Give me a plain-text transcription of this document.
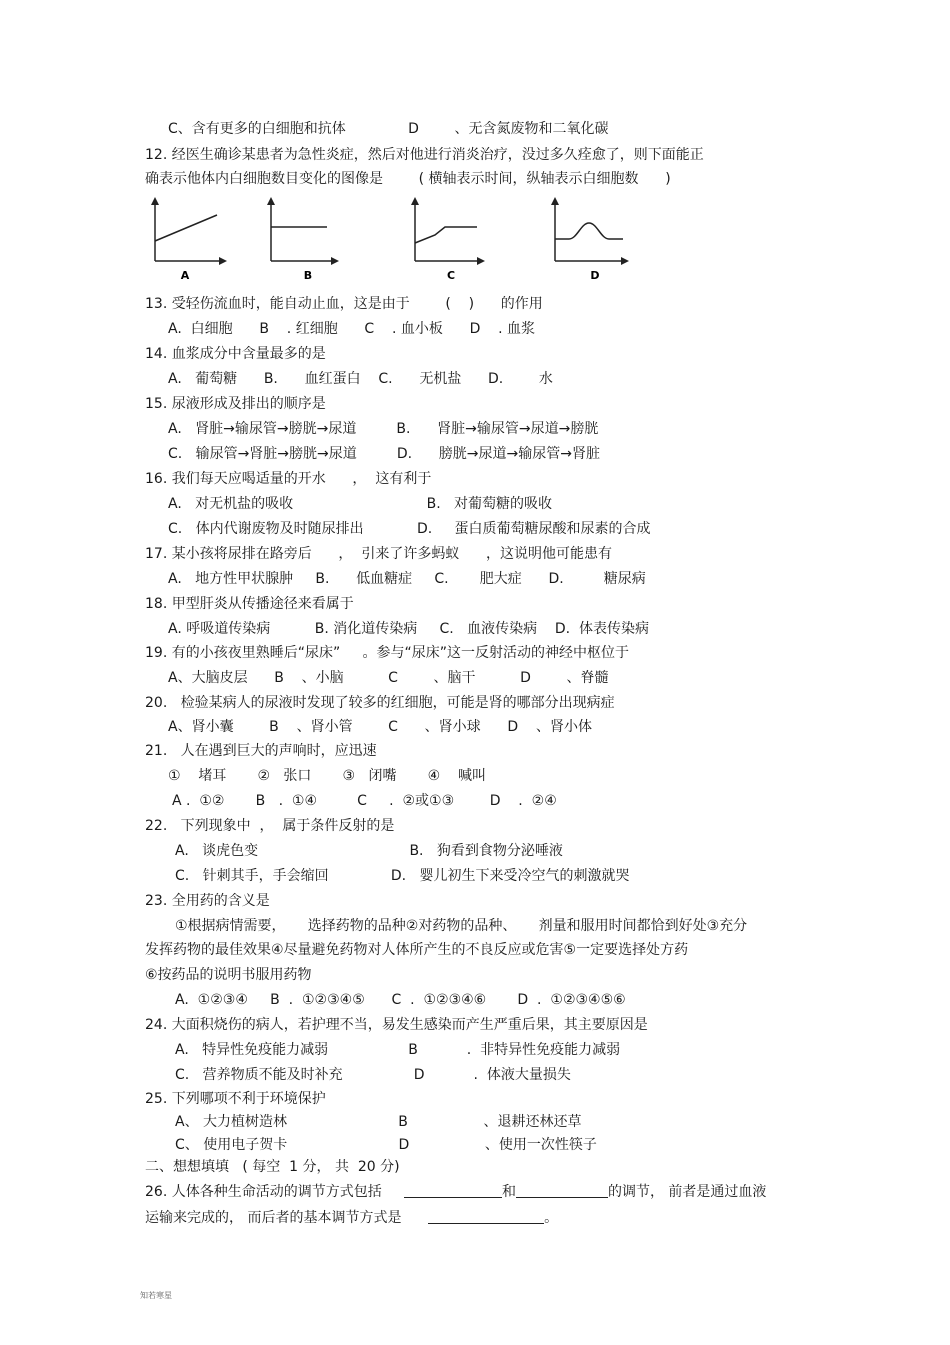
C、含有更多的白细胞和抗体              D        、无含氮废物和二氧化碳
12. 经医生确诊某患者为急性炎症，然后对他进行消炎治疗，没过多久痊愈了，则下面能正
确表示他体内白细胞数目变化的图像是        ( 横轴表示时间，纵轴表示白细胞数      )
13. 受轻伤流血时，能自动止血，这是由于        (    )      的作用
A.  白细胞      B    . 红细胞      C    . 血小板      D    . 血浆
14. 血浆成分中含量最多的是
A.   葡萄糖      B.      血红蛋白    C.      无机盐      D.        水
15. 尿液形成及排出的顺序是
A.   肾脏→输尿管→膀胱→尿道         B.      肾脏→输尿管→尿道→膀胱
C.   输尿管→肾脏→膀胱→尿道         D.      膀胱→尿道→输尿管→肾脏
16. 我们每天应喝适量的开水      ，  这有利于
A.   对无机盐的吸收                              B.   对葡萄糖的吸收
C.   体内代谢废物及时随尿排出            D.     蛋白质葡萄糖尿酸和尿素的合成
17. 某小孩将尿排在路旁后      ，  引来了许多蚂蚁      ，这说明他可能患有
A.   地方性甲状腺肿     B.      低血糖症     C.       肥大症      D.         糖尿病
18. 甲型肝炎从传播途径来看属于
A. 呼吸道传染病          B. 消化道传染病     C.   血液传染病    D.  体表传染病
19. 有的小孩夜里熟睡后“尿床”     。参与“尿床”这一反射活动的神经中枢位于
A、大脑皮层      B    、小脑          C        、脑干          D        、脊髓
20.   检验某病人的尿液时发现了较多的红细胞，可能是肾的哪部分出现病症
A、肾小囊        B    、肾小管        C      、肾小球      D    、肾小体
21.   人在遇到巨大的声响时，应迅速
①    堵耳       ②   张口       ③   闭嘴       ④    喊叫
A .  ①②       B   .  ①④         C     .  ②或①③        D    .  ②④
22.   下列现象中  ，  属于条件反射的是
A.   谈虎色变                                  B.   狗看到食物分泌唾液
C.   针刺其手，手会缩回              D.   婴儿初生下来受冷空气的刺激就哭
23. 全用药的含义是
①根据病情需要，     选择药物的品种②对药物的品种、     剂量和服用时间都恰到好处③充分
发挥药物的最佳效果④尽量避免药物对人体所产生的不良反应或危害⑤一定要选择处方药
⑥按药品的说明书服用药物
A.  ①②③④     B  .  ①②③④⑤      C  .  ①②③④⑥       D  .  ①②③④⑤⑥
24. 大面积烧伤的病人，若护理不当，易发生感染而产生严重后果，其主要原因是
A.   特异性免疫能力减弱                  B           .  非特异性免疫能力减弱
C.   营养物质不能及时补充                D           .  体液大量损失
25. 下列哪项不利于环境保护
A、 大力植树造林                         B                 、退耕还林还草
C、 使用电子贺卡                         D                 、使用一次性筷子
二、想想填填   ( 每空  1 分， 共  20 分)
A	B	C	D
26. 人体各种生命活动的调节方式包括	和	的调节， 前者是通过血液
运输来完成的， 而后者的基本调节方式是	。
知若寒星
